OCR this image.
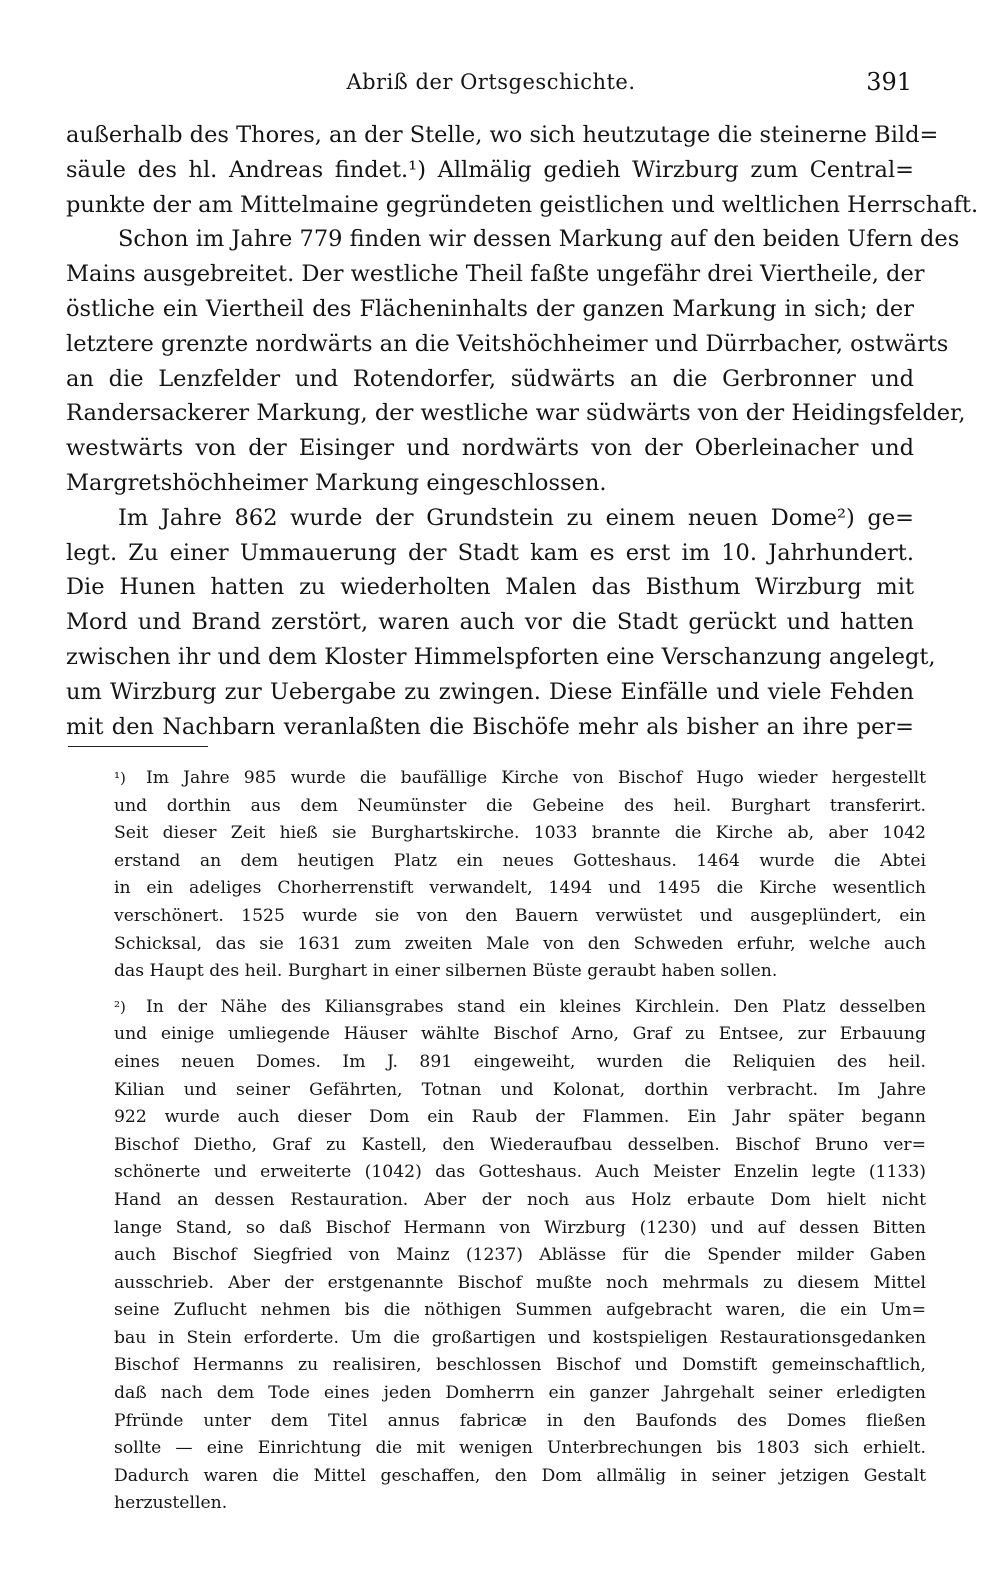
Abriß der Ortsgeschichte.	391
außerhalb des Thores, an der Stelle, wo sich heutzutage die steinerne Bild=
säule des hl. Andreas findet.¹) Allmälig gedieh Wirzburg zum Central=
punkte der am Mittelmaine gegründeten geistlichen und weltlichen Herrschaft.
Schon im Jahre 779 finden wir dessen Markung auf den beiden Ufern des
Mains ausgebreitet. Der westliche Theil faßte ungefähr drei Viertheile, der
östliche ein Viertheil des Flächeninhalts der ganzen Markung in sich; der
letztere grenzte nordwärts an die Veitshöchheimer und Dürrbacher, ostwärts
an die Lenzfelder und Rotendorfer, südwärts an die Gerbronner und
Randersackerer Markung, der westliche war südwärts von der Heidingsfelder,
westwärts von der Eisinger und nordwärts von der Oberleinacher und
Margretshöchheimer Markung eingeschlossen.
Im Jahre 862 wurde der Grundstein zu einem neuen Dome²) ge=
legt. Zu einer Ummauerung der Stadt kam es erst im 10. Jahrhundert.
Die Hunen hatten zu wiederholten Malen das Bisthum Wirzburg mit
Mord und Brand zerstört, waren auch vor die Stadt gerückt und hatten
zwischen ihr und dem Kloster Himmelspforten eine Verschanzung angelegt,
um Wirzburg zur Uebergabe zu zwingen. Diese Einfälle und viele Fehden
mit den Nachbarn veranlaßten die Bischöfe mehr als bisher an ihre per=
¹) Im Jahre 985 wurde die baufällige Kirche von Bischof Hugo wieder hergestellt
und dorthin aus dem Neumünster die Gebeine des heil. Burghart transferirt.
Seit dieser Zeit hieß sie Burghartskirche. 1033 brannte die Kirche ab, aber 1042
erstand an dem heutigen Platz ein neues Gotteshaus. 1464 wurde die Abtei
in ein adeliges Chorherrenstift verwandelt, 1494 und 1495 die Kirche wesentlich
verschönert. 1525 wurde sie von den Bauern verwüstet und ausgeplündert, ein
Schicksal, das sie 1631 zum zweiten Male von den Schweden erfuhr, welche auch
das Haupt des heil. Burghart in einer silbernen Büste geraubt haben sollen.
²) In der Nähe des Kiliansgrabes stand ein kleines Kirchlein. Den Platz desselben
und einige umliegende Häuser wählte Bischof Arno, Graf zu Entsee, zur Erbauung
eines neuen Domes. Im J. 891 eingeweiht, wurden die Reliquien des heil.
Kilian und seiner Gefährten, Totnan und Kolonat, dorthin verbracht. Im Jahre
922 wurde auch dieser Dom ein Raub der Flammen. Ein Jahr später begann
Bischof Dietho, Graf zu Kastell, den Wiederaufbau desselben. Bischof Bruno ver=
schönerte und erweiterte (1042) das Gotteshaus. Auch Meister Enzelin legte (1133)
Hand an dessen Restauration. Aber der noch aus Holz erbaute Dom hielt nicht
lange Stand, so daß Bischof Hermann von Wirzburg (1230) und auf dessen Bitten
auch Bischof Siegfried von Mainz (1237) Ablässe für die Spender milder Gaben
ausschrieb. Aber der erstgenannte Bischof mußte noch mehrmals zu diesem Mittel
seine Zuflucht nehmen bis die nöthigen Summen aufgebracht waren, die ein Um=
bau in Stein erforderte. Um die großartigen und kostspieligen Restaurationsgedanken
Bischof Hermanns zu realisiren, beschlossen Bischof und Domstift gemeinschaftlich,
daß nach dem Tode eines jeden Domherrn ein ganzer Jahrgehalt seiner erledigten
Pfründe unter dem Titel annus fabricæ in den Baufonds des Domes fließen
sollte — eine Einrichtung die mit wenigen Unterbrechungen bis 1803 sich erhielt.
Dadurch waren die Mittel geschaffen, den Dom allmälig in seiner jetzigen Gestalt
herzustellen.
